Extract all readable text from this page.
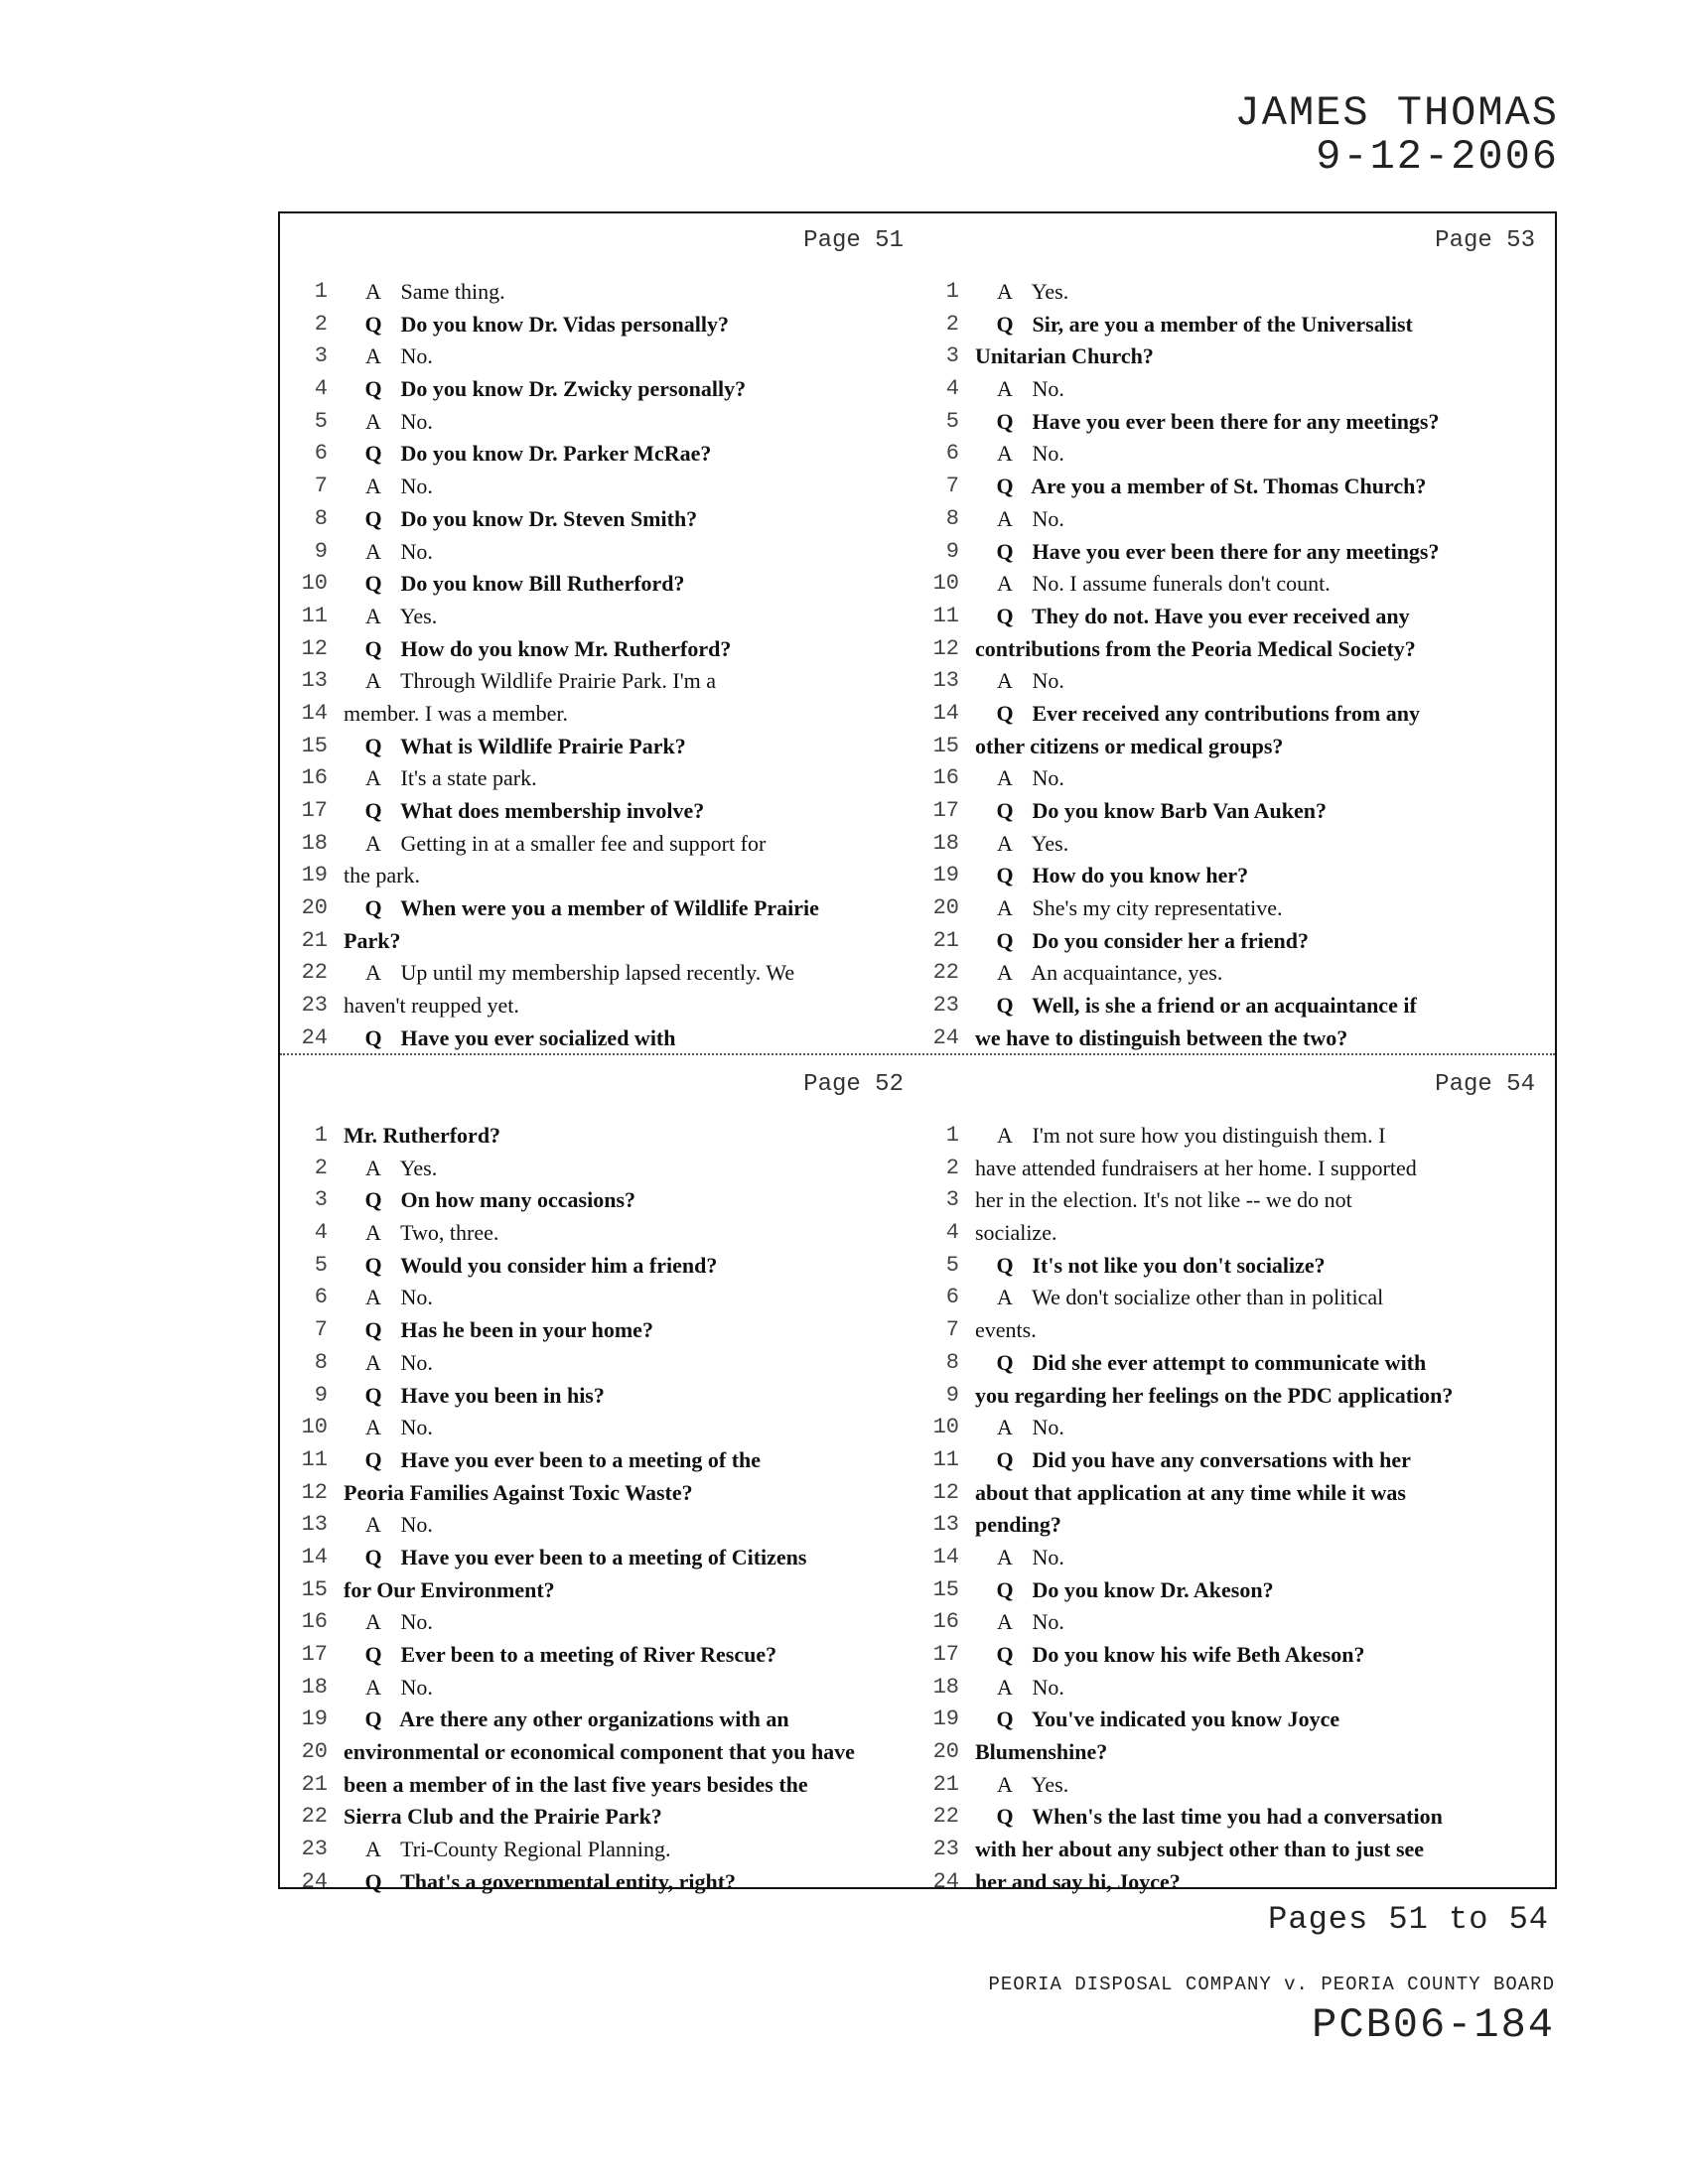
JAMES THOMAS
9-12-2006
Page 51
1	A Same thing.
2	Q Do you know Dr. Vidas personally?
3	A No.
4	Q Do you know Dr. Zwicky personally?
5	A No.
6	Q Do you know Dr. Parker McRae?
7	A No.
8	Q Do you know Dr. Steven Smith?
9	A No.
10	Q Do you know Bill Rutherford?
11	A Yes.
12	Q How do you know Mr. Rutherford?
13	A Through Wildlife Prairie Park. I'm a
14 member. I was a member.
15	Q What is Wildlife Prairie Park?
16	A It's a state park.
17	Q What does membership involve?
18	A Getting in at a smaller fee and support for
19 the park.
20	Q When were you a member of Wildlife Prairie
21 Park?
22	A Up until my membership lapsed recently. We
23 haven't reupped yet.
24	Q Have you ever socialized with
Page 53
1	A Yes.
2	Q Sir, are you a member of the Universalist
3 Unitarian Church?
4	A No.
5	Q Have you ever been there for any meetings?
6	A No.
7	Q Are you a member of St. Thomas Church?
8	A No.
9	Q Have you ever been there for any meetings?
10	A No. I assume funerals don't count.
11	Q They do not. Have you ever received any
12 contributions from the Peoria Medical Society?
13	A No.
14	Q Ever received any contributions from any
15 other citizens or medical groups?
16	A No.
17	Q Do you know Barb Van Auken?
18	A Yes.
19	Q How do you know her?
20	A She's my city representative.
21	Q Do you consider her a friend?
22	A An acquaintance, yes.
23	Q Well, is she a friend or an acquaintance if
24 we have to distinguish between the two?
Page 52
1 Mr. Rutherford?
2	A Yes.
3	Q On how many occasions?
4	A Two, three.
5	Q Would you consider him a friend?
6	A No.
7	Q Has he been in your home?
8	A No.
9	Q Have you been in his?
10	A No.
11	Q Have you ever been to a meeting of the
12 Peoria Families Against Toxic Waste?
13	A No.
14	Q Have you ever been to a meeting of Citizens
15 for Our Environment?
16	A No.
17	Q Ever been to a meeting of River Rescue?
18	A No.
19	Q Are there any other organizations with an
20 environmental or economical component that you have
21 been a member of in the last five years besides the
22 Sierra Club and the Prairie Park?
23	A Tri-County Regional Planning.
24	Q That's a governmental entity, right?
Page 54
1	A I'm not sure how you distinguish them. I
2 have attended fundraisers at her home. I supported
3 her in the election. It's not like -- we do not
4 socialize.
5	Q It's not like you don't socialize?
6	A We don't socialize other than in political
7 events.
8	Q Did she ever attempt to communicate with
9 you regarding her feelings on the PDC application?
10	A No.
11	Q Did you have any conversations with her
12 about that application at any time while it was
13 pending?
14	A No.
15	Q Do you know Dr. Akeson?
16	A No.
17	Q Do you know his wife Beth Akeson?
18	A No.
19	Q You've indicated you know Joyce
20 Blumenshine?
21	A Yes.
22	Q When's the last time you had a conversation
23 with her about any subject other than to just see
24 her and say hi, Joyce?
Pages 51 to 54
PEORIA DISPOSAL COMPANY v. PEORIA COUNTY BOARD
PCB06-184
